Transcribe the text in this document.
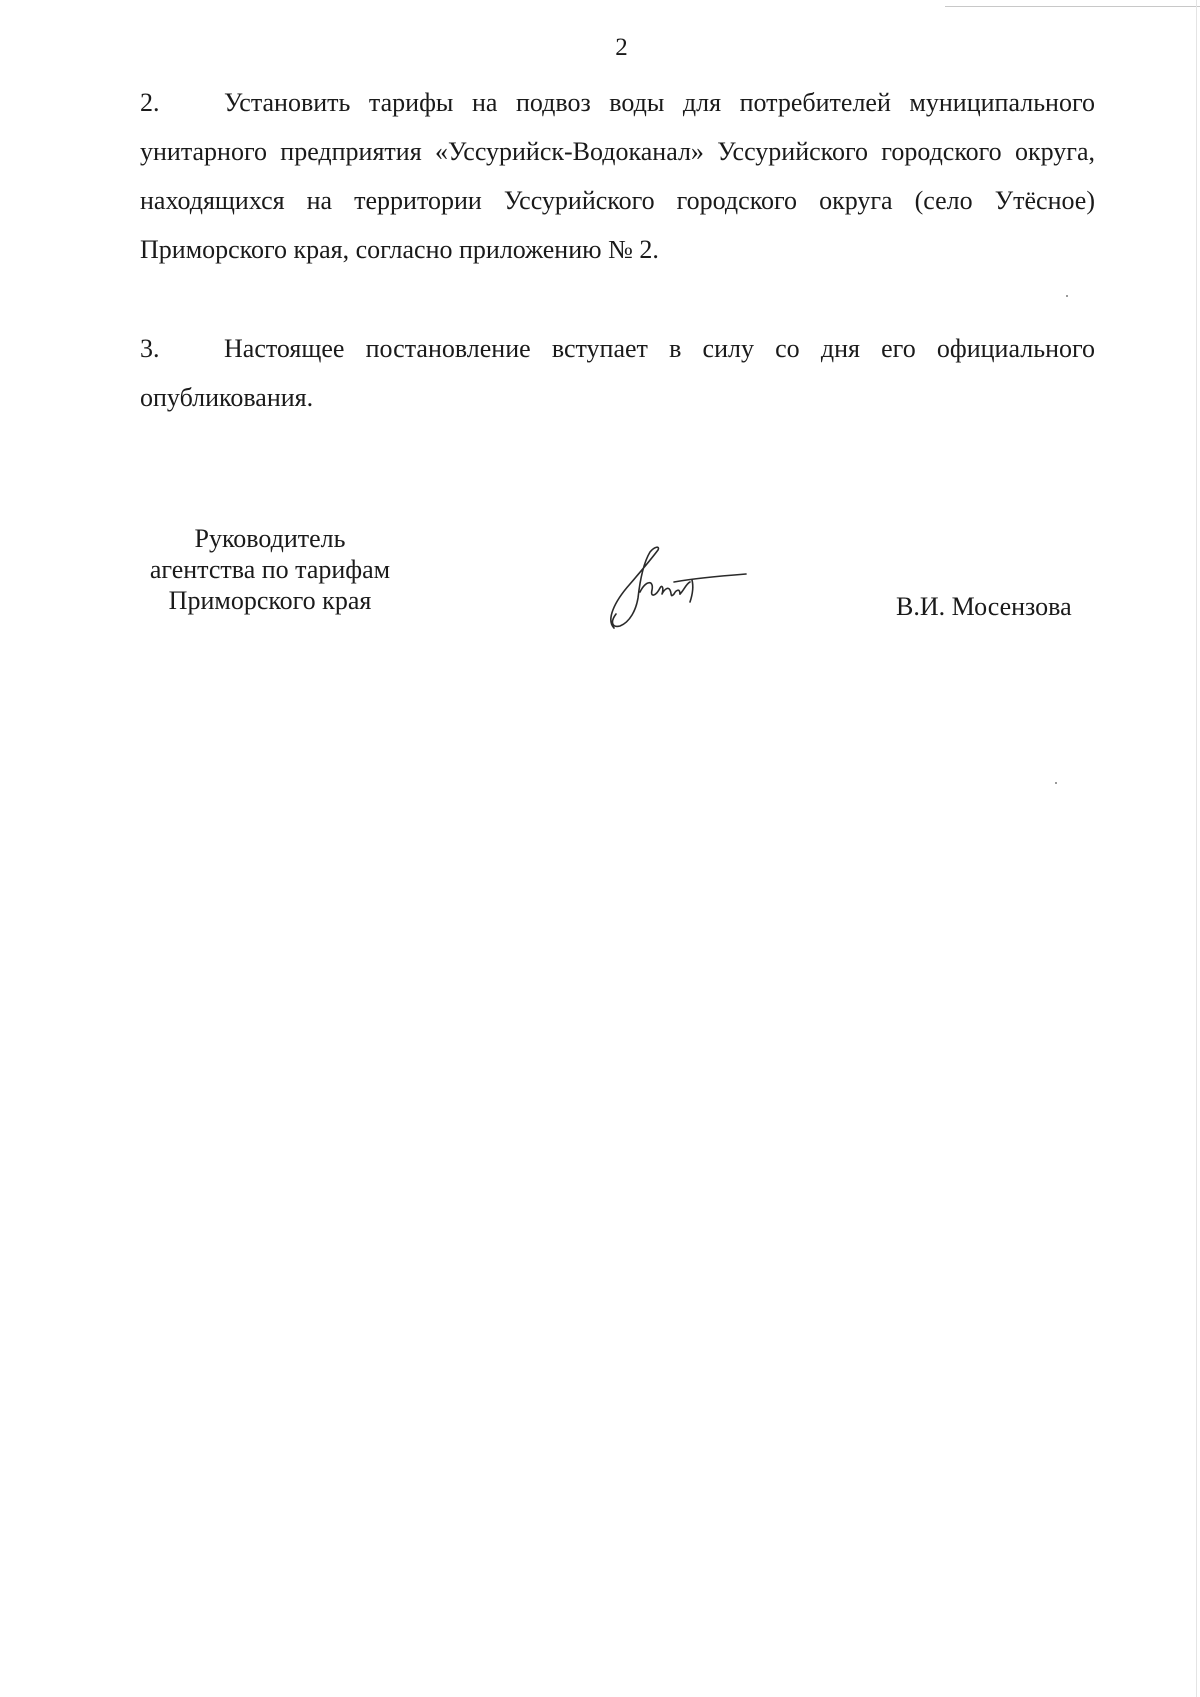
2

2. Установить тарифы на подвоз воды для потребителей муниципального унитарного предприятия «Уссурийск-Водоканал» Уссурийского городского округа, находящихся на территории Уссурийского городского округа (село Утёсное) Приморского края, согласно приложению № 2.

3. Настоящее постановление вступает в силу со дня его официального опубликования.

Руководитель
агентства по тарифам
Приморского края	В.И. Мосензова
